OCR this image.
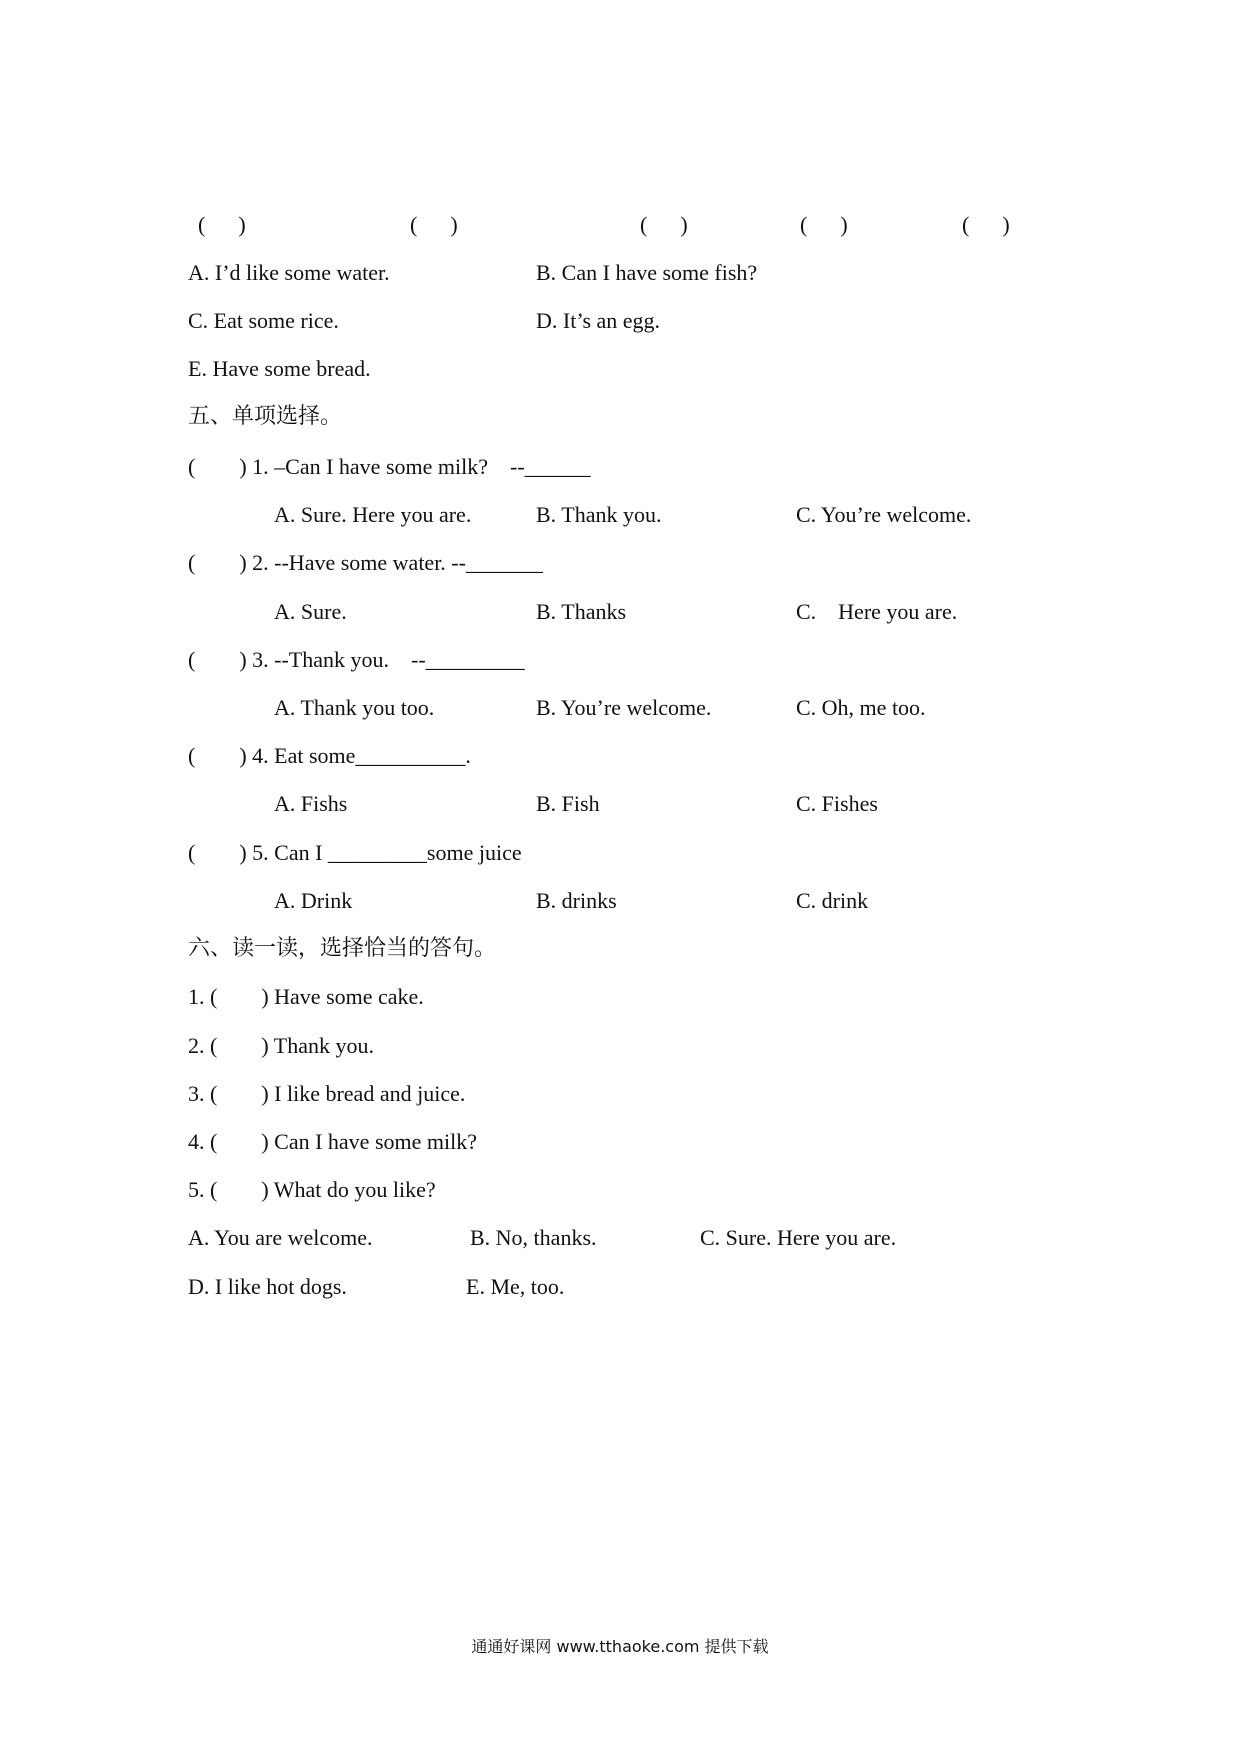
(      )	(      )	(      )	(      )	(      )
A. I’d like some water.	B. Can I have some fish?
C. Eat some rice.	D. It’s an egg.
E. Have some bread.
五、单项选择。
(        ) 1. –Can I have some milk?    --______
A. Sure. Here you are.	B. Thank you.	C. You’re welcome.
(        ) 2. --Have some water. --_______
A. Sure.	B. Thanks	C.    Here you are.
(        ) 3. --Thank you.    --_________
A. Thank you too.	B. You’re welcome.	C. Oh, me too.
(        ) 4. Eat some__________.
A. Fishs	B. Fish	C. Fishes
(        ) 5. Can I _________some juice
A. Drink	B. drinks	C. drink
六、读一读，选择恰当的答句。
1. (        ) Have some cake.
2. (        ) Thank you.
3. (        ) I like bread and juice.
4. (        ) Can I have some milk?
5. (        ) What do you like?
A. You are welcome.	B. No, thanks.	C. Sure. Here you are.
D. I like hot dogs.	E. Me, too.
通通好课网 www.tthaoke.com 提供下载
